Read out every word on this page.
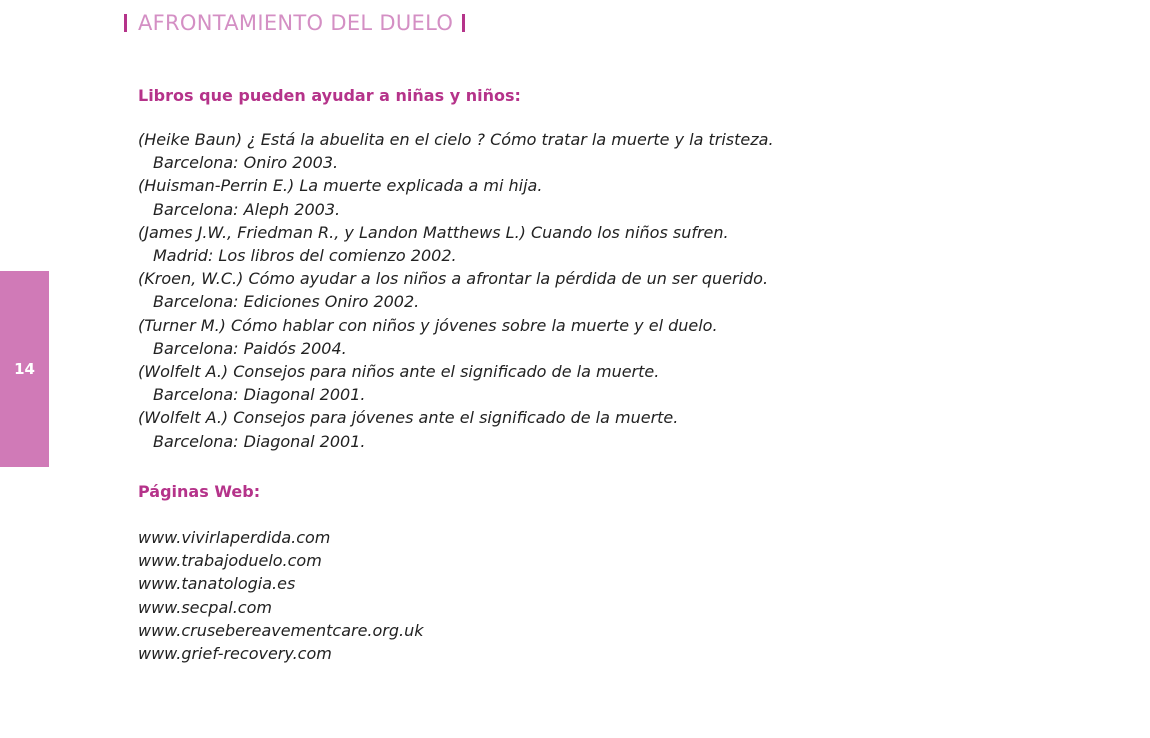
AFRONTAMIENTO DEL DUELO
14
Libros que pueden ayudar a niñas y niños:
(Heike Baun) ¿ Está la abuelita en el cielo ? Cómo tratar la muerte y la tristeza.
Barcelona: Oniro 2003.
(Huisman-Perrin E.) La muerte explicada a mi hija.
Barcelona: Aleph 2003.
(James J.W., Friedman R., y Landon Matthews L.) Cuando los niños sufren.
Madrid: Los libros del comienzo 2002.
(Kroen, W.C.) Cómo ayudar a los niños a afrontar la pérdida de un ser querido.
Barcelona: Ediciones Oniro 2002.
(Turner M.) Cómo hablar con niños y jóvenes sobre la muerte y el duelo.
Barcelona: Paidós 2004.
(Wolfelt A.) Consejos para niños ante el significado de la muerte.
Barcelona: Diagonal 2001.
(Wolfelt A.) Consejos para jóvenes ante el significado de la muerte.
Barcelona: Diagonal 2001.
Páginas Web:
www.vivirlaperdida.com
www.trabajoduelo.com
www.tanatologia.es
www.secpal.com
www.crusebereavementcare.org.uk
www.grief-recovery.com
